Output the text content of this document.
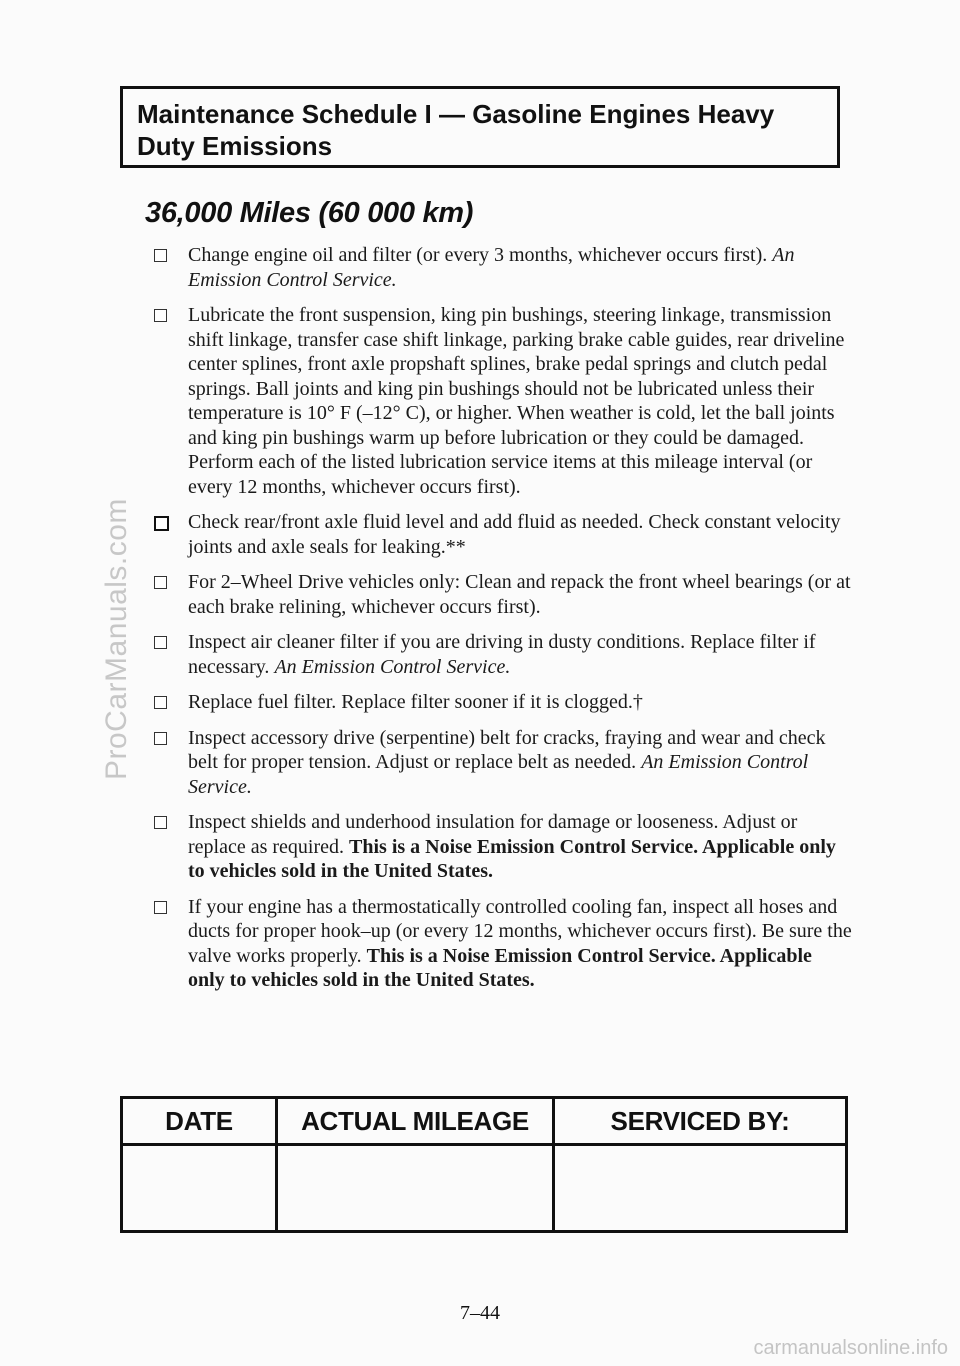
ProCarManuals.com
Maintenance Schedule I — Gasoline Engines Heavy
Duty Emissions
36,000 Miles (60 000 km)
Change engine oil and filter (or every 3 months, whichever occurs first). An Emission Control Service.
Lubricate the front suspension, king pin bushings, steering linkage, transmission shift linkage, transfer case shift linkage, parking brake cable guides, rear driveline center splines, front axle propshaft splines, brake pedal springs and clutch pedal springs. Ball joints and king pin bushings should not be lubricated unless their temperature is 10° F (–12° C), or higher. When weather is cold, let the ball joints and king pin bushings warm up before lubrication or they could be damaged. Perform each of the listed lubrication service items at this mileage interval (or every 12 months, whichever occurs first).
Check rear/front axle fluid level and add fluid as needed. Check constant velocity joints and axle seals for leaking.**
For 2–Wheel Drive vehicles only: Clean and repack the front wheel bearings (or at each brake relining, whichever occurs first).
Inspect air cleaner filter if you are driving in dusty conditions. Replace filter if necessary. An Emission Control Service.
Replace fuel filter. Replace filter sooner if it is clogged.†
Inspect accessory drive (serpentine) belt for cracks, fraying and wear and check belt for proper tension. Adjust or replace belt as needed. An Emission Control Service.
Inspect shields and underhood insulation for damage or looseness. Adjust or replace as required. This is a Noise Emission Control Service. Applicable only to vehicles sold in the United States.
If your engine has a thermostatically controlled cooling fan, inspect all hoses and ducts for proper hook–up (or every 12 months, whichever occurs first). Be sure the valve works properly. This is a Noise Emission Control Service. Applicable only to vehicles sold in the United States.
DATE	ACTUAL MILEAGE	SERVICED BY:

7–44
carmanualsonline.info
